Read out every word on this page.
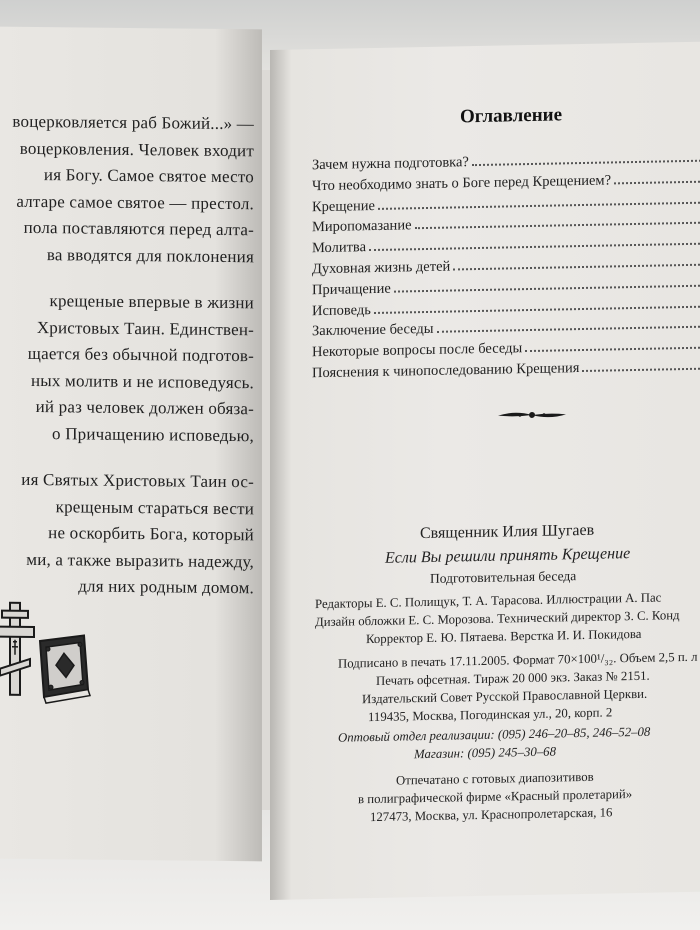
воцерковляется раб Божий...» —
воцерковления. Человек входит
ия Богу. Самое святое место
алтаре самое святое — престол.
пола поставляются перед алта-
ва вводятся для поклонения
крещеные впервые в жизни
Христовых Таин. Единствен-
щается без обычной подготов-
ных молитв и не исповедуясь.
ий раз человек должен обяза-
о Причащению исповедью,
ия Святых Христовых Таин ос-
крещеным стараться вести
не оскорбить Бога, который
ми, а также выразить надежду,
для них родным домом.
Оглавление
Зачем нужна подготовка?
Что необходимо знать о Боге перед Крещением?
Крещение
Миропомазание
Молитва
Духовная жизнь детей
Причащение
Исповедь
Заключение беседы
Некоторые вопросы после беседы
Пояснения к чинопоследованию Крещения
Священник Илия Шугаев
Если Вы решили принять Крещение
Подготовительная беседа
Редакторы Е. С. Полищук, Т. А. Тарасова. Иллюстрации А. Пас
Дизайн обложки Е. С. Морозова. Технический директор З. С. Конд
Корректор Е. Ю. Пятаева. Верстка И. И. Покидова
Подписано в печать 17.11.2005. Формат 70×100¹/₃₂. Объем 2,5 п. л
Печать офсетная. Тираж 20 000 экз. Заказ № 2151.
Издательский Совет Русской Православной Церкви.
119435, Москва, Погодинская ул., 20, корп. 2
Оптовый отдел реализации: (095) 246–20–85, 246–52–08
Магазин: (095) 245–30–68
Отпечатано с готовых диапозитивов
в полиграфической фирме «Красный пролетарий»
127473, Москва, ул. Краснопролетарская, 16
